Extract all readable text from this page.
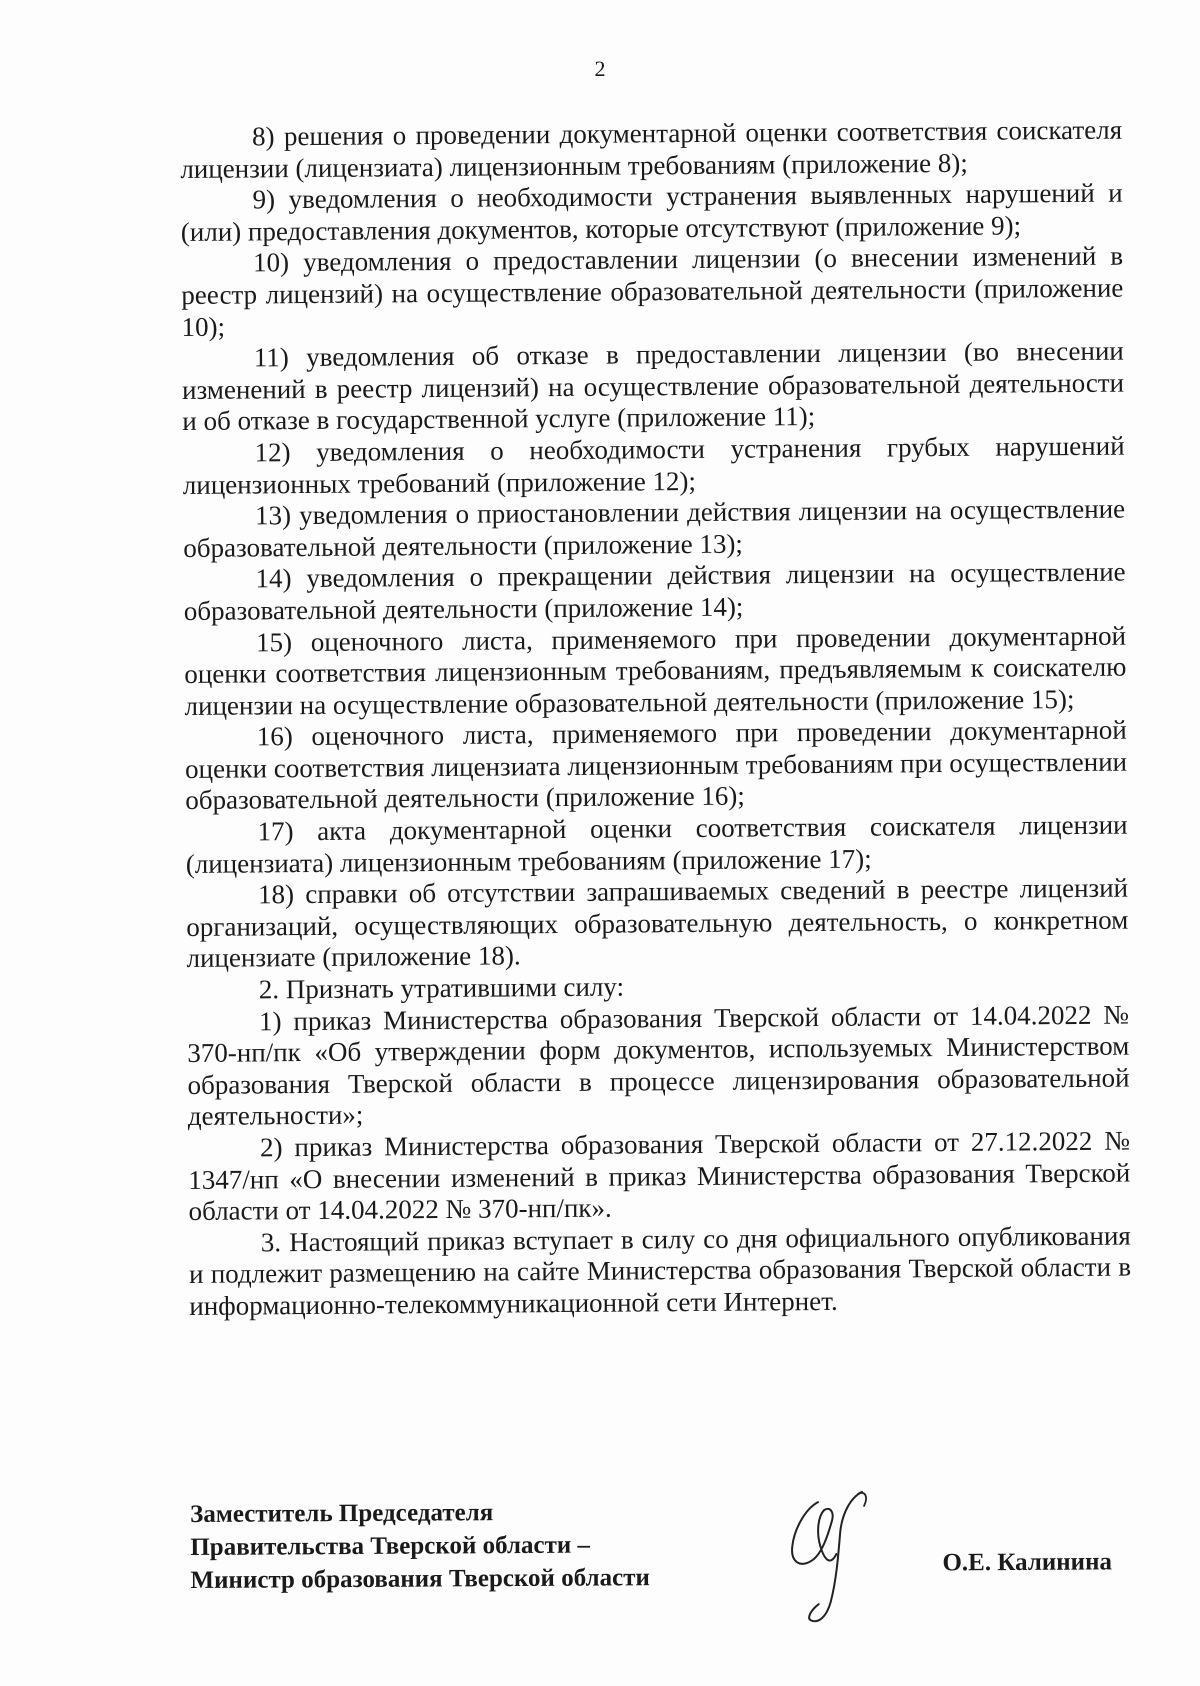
2

8) решения о проведении документарной оценки соответствия соискателя лицензии (лицензиата) лицензионным требованиям (приложение 8);

9) уведомления о необходимости устранения выявленных нарушений и (или) предоставления документов, которые отсутствуют (приложение 9);

10) уведомления о предоставлении лицензии (о внесении изменений в реестр лицензий) на осуществление образовательной деятельности (приложение 10);

11) уведомления об отказе в предоставлении лицензии (во внесении изменений в реестр лицензий) на осуществление образовательной деятельности и об отказе в государственной услуге (приложение 11);

12) уведомления о необходимости устранения грубых нарушений лицензионных требований (приложение 12);

13) уведомления о приостановлении действия лицензии на осуществление образовательной деятельности (приложение 13);

14) уведомления о прекращении действия лицензии на осуществление образовательной деятельности (приложение 14);

15) оценочного листа, применяемого при проведении документарной оценки соответствия лицензионным требованиям, предъявляемым к соискателю лицензии на осуществление образовательной деятельности (приложение 15);

16) оценочного листа, применяемого при проведении документарной оценки соответствия лицензиата лицензионным требованиям при осуществлении образовательной деятельности (приложение 16);

17) акта документарной оценки соответствия соискателя лицензии (лицензиата) лицензионным требованиям (приложение 17);

18) справки об отсутствии запрашиваемых сведений в реестре лицензий организаций, осуществляющих образовательную деятельность, о конкретном лицензиате (приложение 18).

2. Признать утратившими силу:

1) приказ Министерства образования Тверской области от 14.04.2022 № 370-нп/пк «Об утверждении форм документов, используемых Министерством образования Тверской области в процессе лицензирования образовательной деятельности»;

2) приказ Министерства образования Тверской области от 27.12.2022 № 1347/нп «О внесении изменений в приказ Министерства образования Тверской области от 14.04.2022 № 370-нп/пк».

3. Настоящий приказ вступает в силу со дня официального опубликования и подлежит размещению на сайте Министерства образования Тверской области в информационно-телекоммуникационной сети Интернет.

Заместитель Председателя
Правительства Тверской области –
Министр образования Тверской области
О.Е. Калинина
